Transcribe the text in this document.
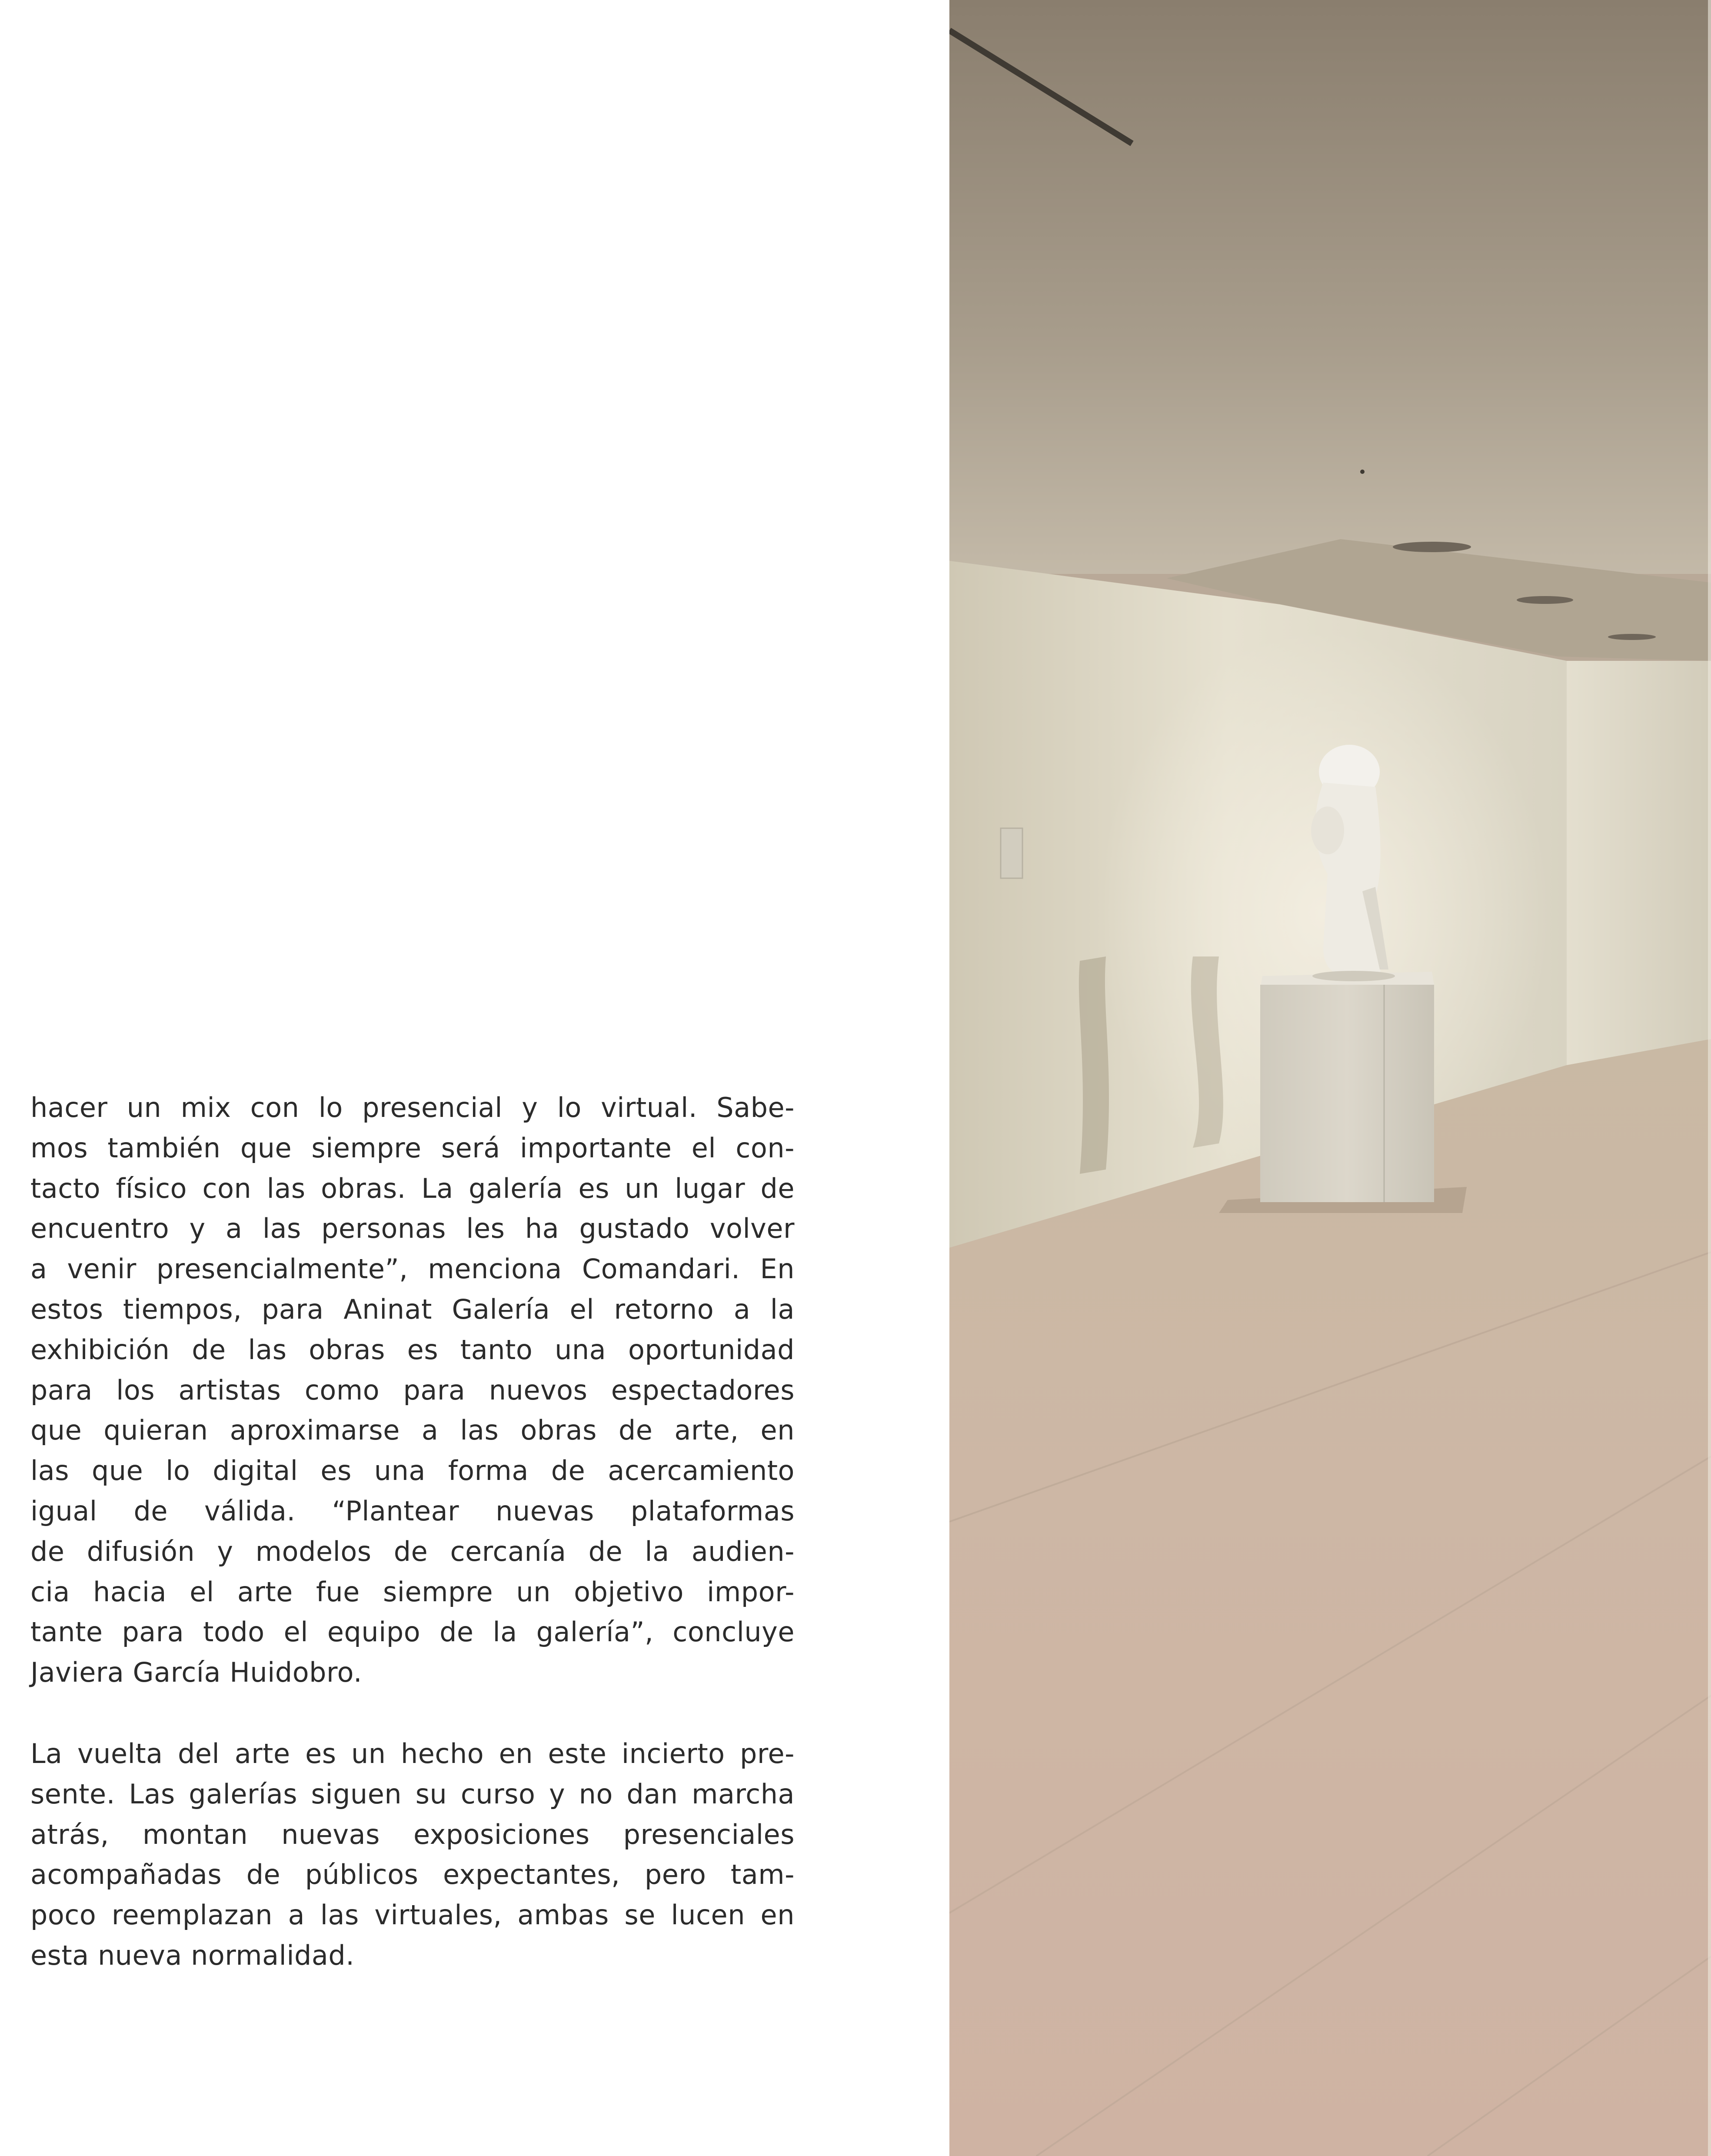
hacer un mix con lo presencial y lo virtual. Sabe-
mos también que siempre será importante el con-
tacto físico con las obras. La galería es un lugar de
encuentro y a las personas les ha gustado volver
a venir presencialmente”, menciona Comandari. En
estos tiempos, para Aninat Galería el retorno a la
exhibición de las obras es tanto una oportunidad
para los artistas como para nuevos espectadores
que quieran aproximarse a las obras de arte, en
las que lo digital es una forma de acercamiento
igual de válida. “Plantear nuevas plataformas
de difusión y modelos de cercanía de la audien-
cia hacia el arte fue siempre un objetivo impor-
tante para todo el equipo de la galería”, concluye
Javiera García Huidobro.
La vuelta del arte es un hecho en este incierto pre-
sente. Las galerías siguen su curso y no dan marcha
atrás, montan nuevas exposiciones presenciales
acompañadas de públicos expectantes, pero tam-
poco reemplazan a las virtuales, ambas se lucen en
esta nueva normalidad.
